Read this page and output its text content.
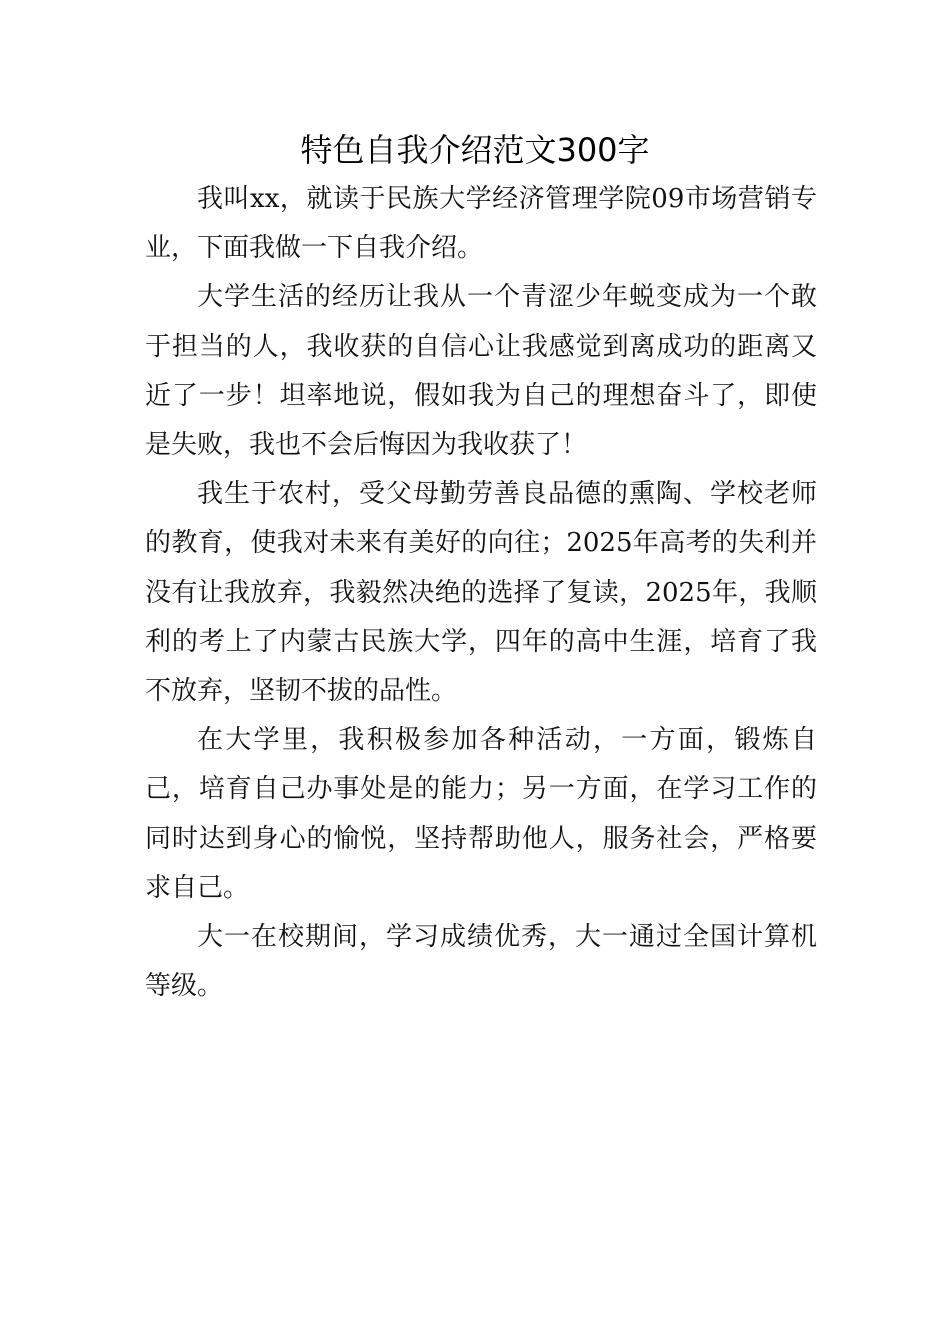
特色自我介绍范文300字

我叫xx，就读于民族大学经济管理学院09市场营销专业，下面我做一下自我介绍。

大学生活的经历让我从一个青涩少年蜕变成为一个敢于担当的人，我收获的自信心让我感觉到离成功的距离又近了一步！坦率地说，假如我为自己的理想奋斗了，即使是失败，我也不会后悔因为我收获了！

我生于农村，受父母勤劳善良品德的熏陶、学校老师的教育，使我对未来有美好的向往；2025年高考的失利并没有让我放弃，我毅然决绝的选择了复读，2025年，我顺利的考上了内蒙古民族大学，四年的高中生涯，培育了我不放弃，坚韧不拔的品性。

在大学里，我积极参加各种活动，一方面，锻炼自己，培育自己办事处是的能力；另一方面，在学习工作的同时达到身心的愉悦，坚持帮助他人，服务社会，严格要求自己。

大一在校期间，学习成绩优秀，大一通过全国计算机等级。
